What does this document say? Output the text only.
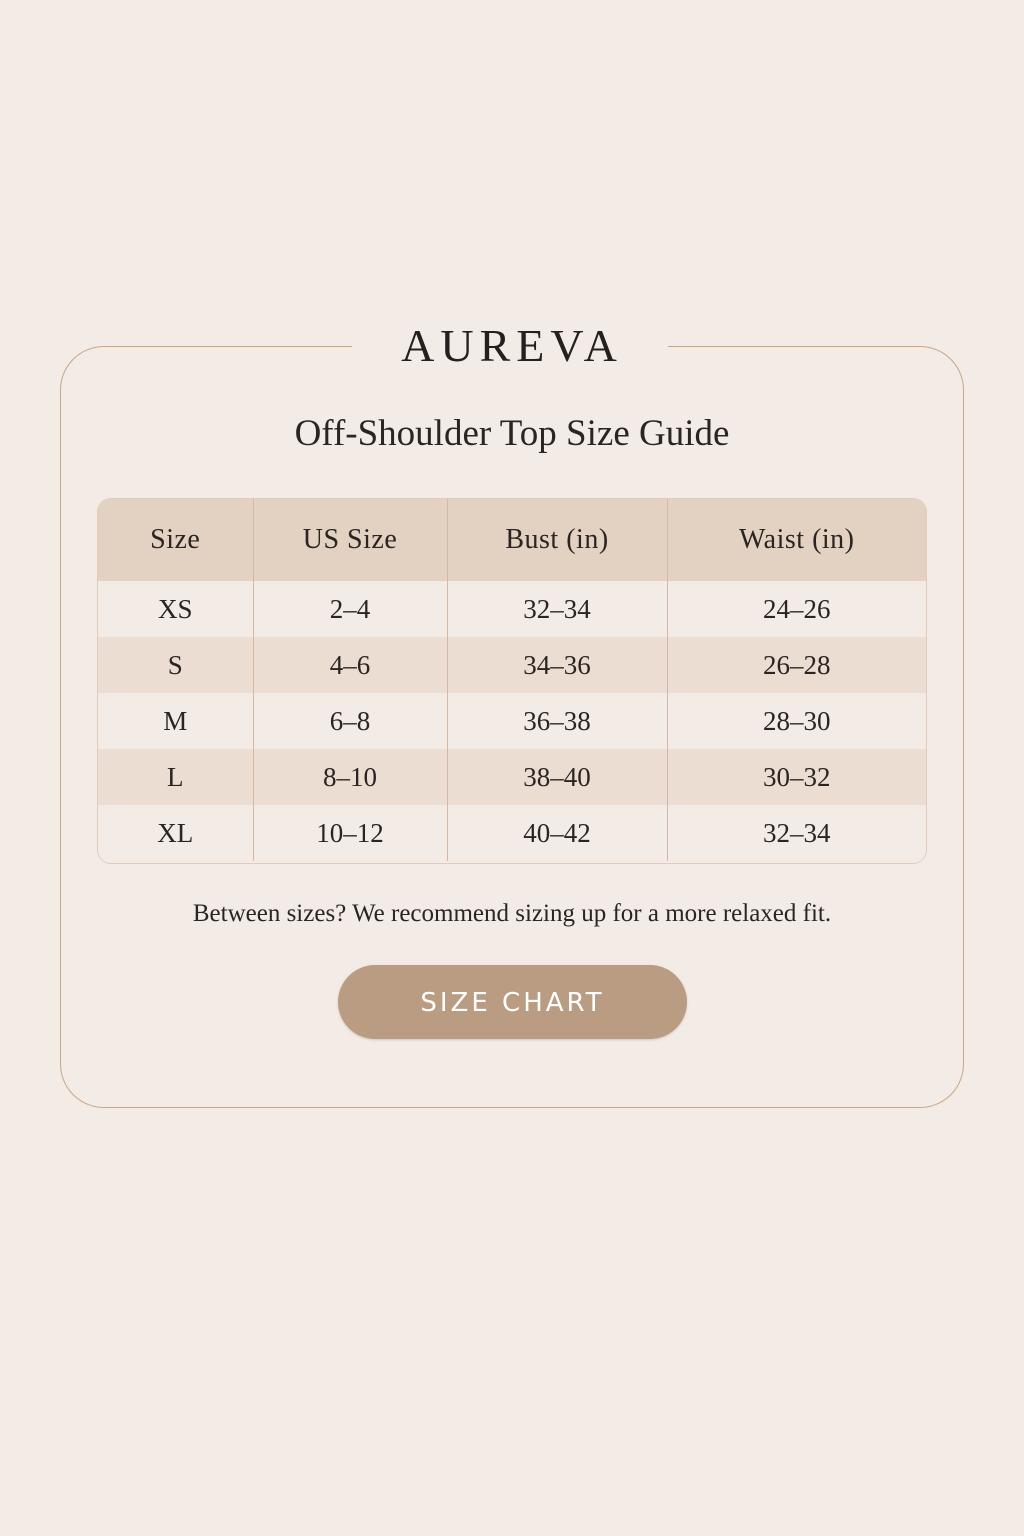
AUREVA
Off-Shoulder Top Size Guide
Size	US Size	Bust (in)	Waist (in)
XS	2–4	32–34	24–26
S	4–6	34–36	26–28
M	6–8	36–38	28–30
L	8–10	38–40	30–32
XL	10–12	40–42	32–34
Between sizes? We recommend sizing up for a more relaxed fit.
SIZE CHART
